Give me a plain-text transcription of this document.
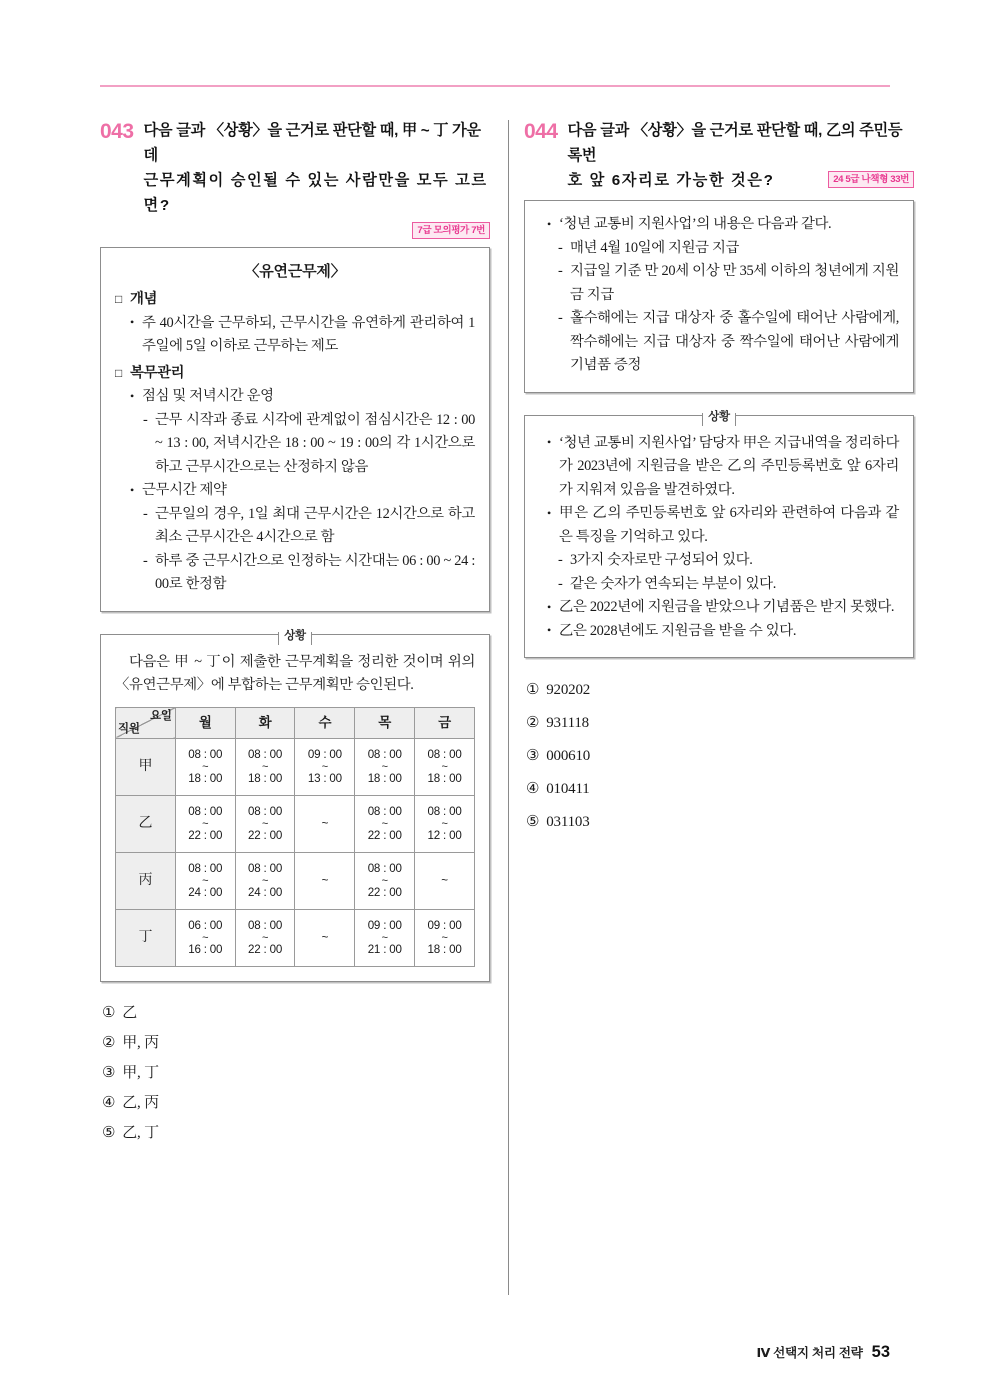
043 다음 글과 〈상황〉을 근거로 판단할 때, 甲 ~ 丁 가운데
근무계획이 승인될 수 있는 사람만을 모두 고르면?
7급 모의평가 7번
〈유연근무제〉
□ 개념
• 주 40시간을 근무하되, 근무시간을 유연하게 관리하여 1주일에 5일 이하로 근무하는 제도
□ 복무관리
• 점심 및 저녁시간 운영
- 근무 시작과 종료 시각에 관계없이 점심시간은 12 : 00 ~ 13 : 00, 저녁시간은 18 : 00 ~ 19 : 00의 각 1시간으로 하고 근무시간으로는 산정하지 않음
• 근무시간 제약
- 근무일의 경우, 1일 최대 근무시간은 12시간으로 하고 최소 근무시간은 4시간으로 함
- 하루 중 근무시간으로 인정하는 시간대는 06 : 00 ~ 24 : 00로 한정함
상황

다음은 甲 ~ 丁이 제출한 근무계획을 정리한 것이며 위의 〈유연근무제〉에 부합하는 근무계획만 승인된다.

요일
직원	월	화	수	목	금
甲	08 : 00
~
18 : 00	08 : 00
~
18 : 00	09 : 00
~
13 : 00	08 : 00
~
18 : 00	08 : 00
~
18 : 00

乙	08 : 00
~
22 : 00	08 : 00
~
22 : 00	~	08 : 00
~
22 : 00	08 : 00
~
12 : 00

丙	08 : 00
~
24 : 00	08 : 00
~
24 : 00	~	08 : 00
~
22 : 00	~

丁	06 : 00
~
16 : 00	08 : 00
~
22 : 00	~	09 : 00
~
21 : 00	09 : 00
~
18 : 00
① 乙
② 甲, 丙
③ 甲, 丁
④ 乙, 丙
⑤ 乙, 丁
044 다음 글과 〈상황〉을 근거로 판단할 때, 乙의 주민등록번
호 앞 6자리로 가능한 것은?	24 5급 나책형 33번
• ‘청년 교통비 지원사업’의 내용은 다음과 같다.
- 매년 4월 10일에 지원금 지급
- 지급일 기준 만 20세 이상 만 35세 이하의 청년에게 지원금 지급
- 홀수해에는 지급 대상자 중 홀수일에 태어난 사람에게, 짝수해에는 지급 대상자 중 짝수일에 태어난 사람에게 기념품 증정
상황
• ‘청년 교통비 지원사업’ 담당자 甲은 지급내역을 정리하다가 2023년에 지원금을 받은 乙의 주민등록번호 앞 6자리가 지워져 있음을 발견하였다.
• 甲은 乙의 주민등록번호 앞 6자리와 관련하여 다음과 같은 특징을 기억하고 있다.
- 3가지 숫자로만 구성되어 있다.
- 같은 숫자가 연속되는 부분이 있다.
• 乙은 2022년에 지원금을 받았으나 기념품은 받지 못했다.
• 乙은 2028년에도 지원금을 받을 수 있다.
① 920202
② 931118
③ 000610
④ 010411
⑤ 031103
Ⅳ 선택지 처리 전략 53
